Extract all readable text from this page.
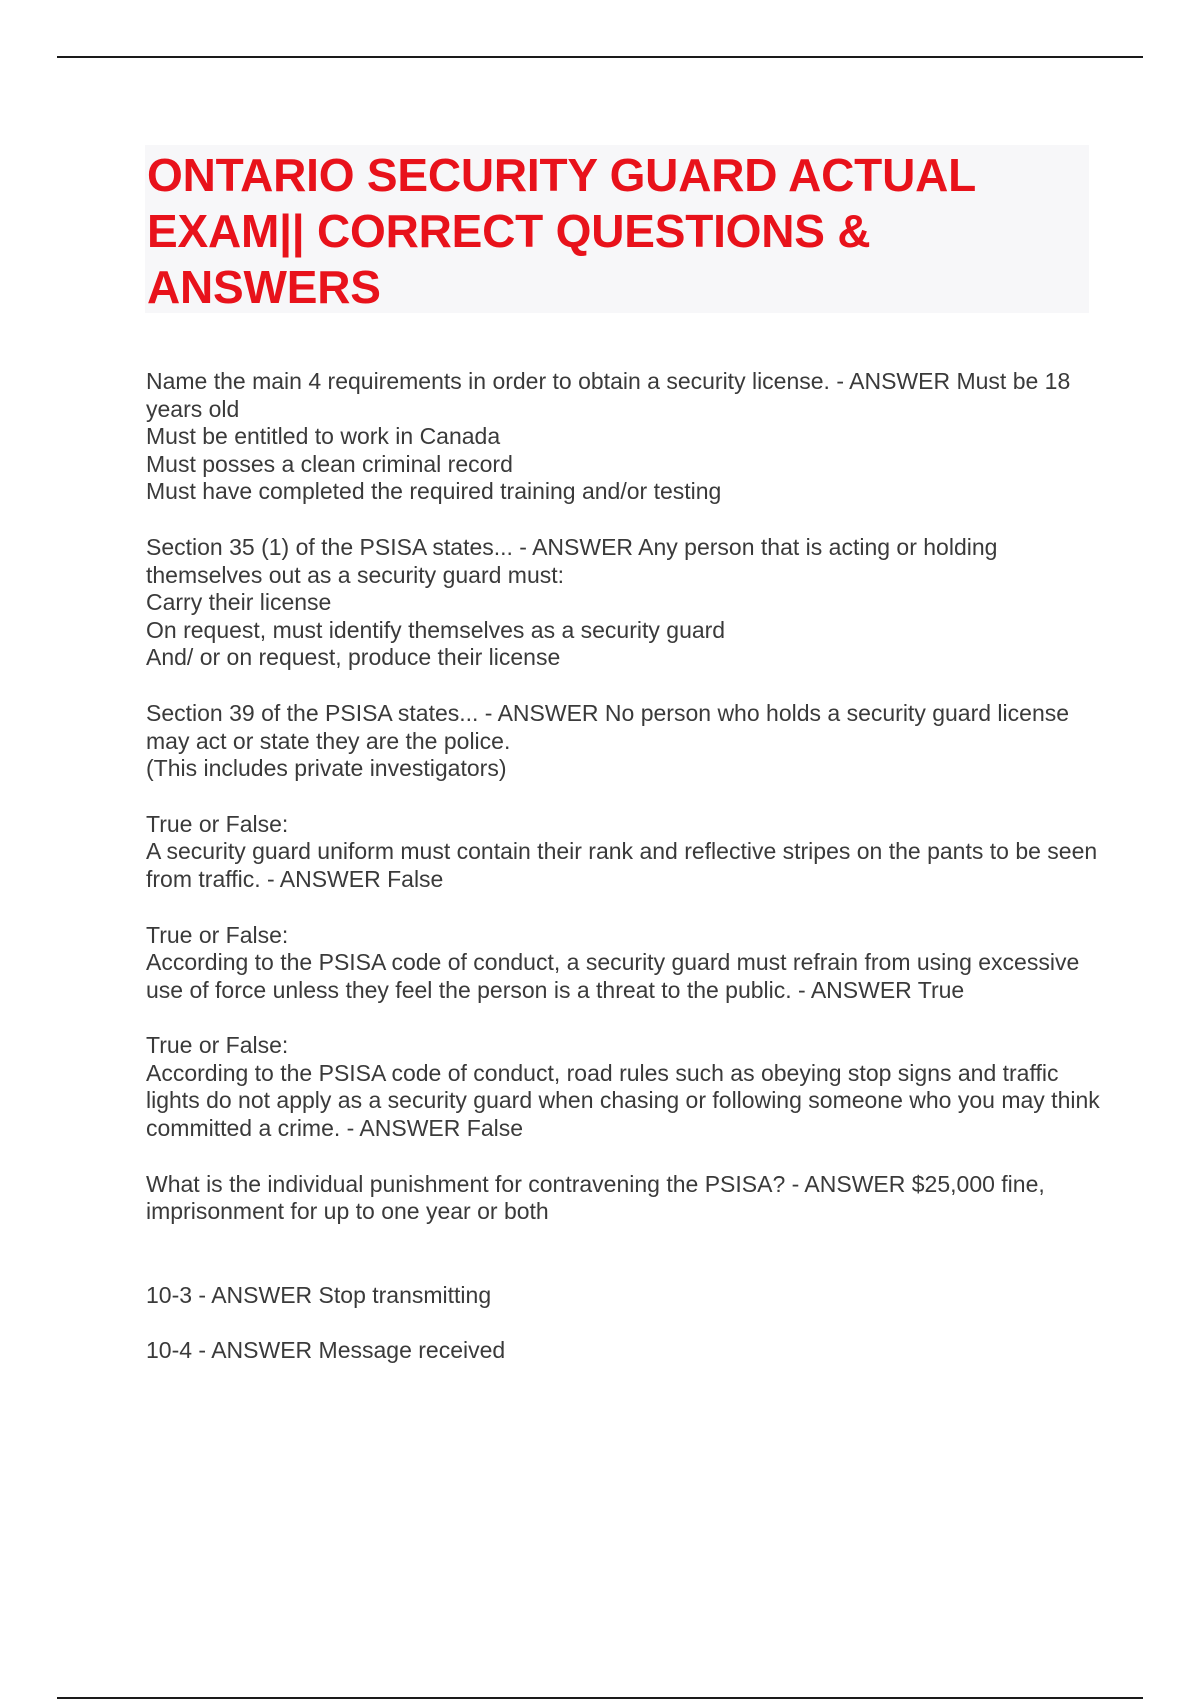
ONTARIO SECURITY GUARD ACTUAL EXAM|| CORRECT QUESTIONS & ANSWERS

Name the main 4 requirements in order to obtain a security license. - ANSWER Must be 18 years old
Must be entitled to work in Canada
Must posses a clean criminal record
Must have completed the required training and/or testing

Section 35 (1) of the PSISA states... - ANSWER Any person that is acting or holding themselves out as a security guard must:
Carry their license
On request, must identify themselves as a security guard
And/ or on request, produce their license

Section 39 of the PSISA states... - ANSWER No person who holds a security guard license may act or state they are the police.
(This includes private investigators)

True or False:
A security guard uniform must contain their rank and reflective stripes on the pants to be seen from traffic. - ANSWER False

True or False:
According to the PSISA code of conduct, a security guard must refrain from using excessive use of force unless they feel the person is a threat to the public. - ANSWER True

True or False:
According to the PSISA code of conduct, road rules such as obeying stop signs and traffic lights do not apply as a security guard when chasing or following someone who you may think committed a crime. - ANSWER False

What is the individual punishment for contravening the PSISA? - ANSWER $25,000 fine, imprisonment for up to one year or both

10-3 - ANSWER Stop transmitting

10-4 - ANSWER Message received
